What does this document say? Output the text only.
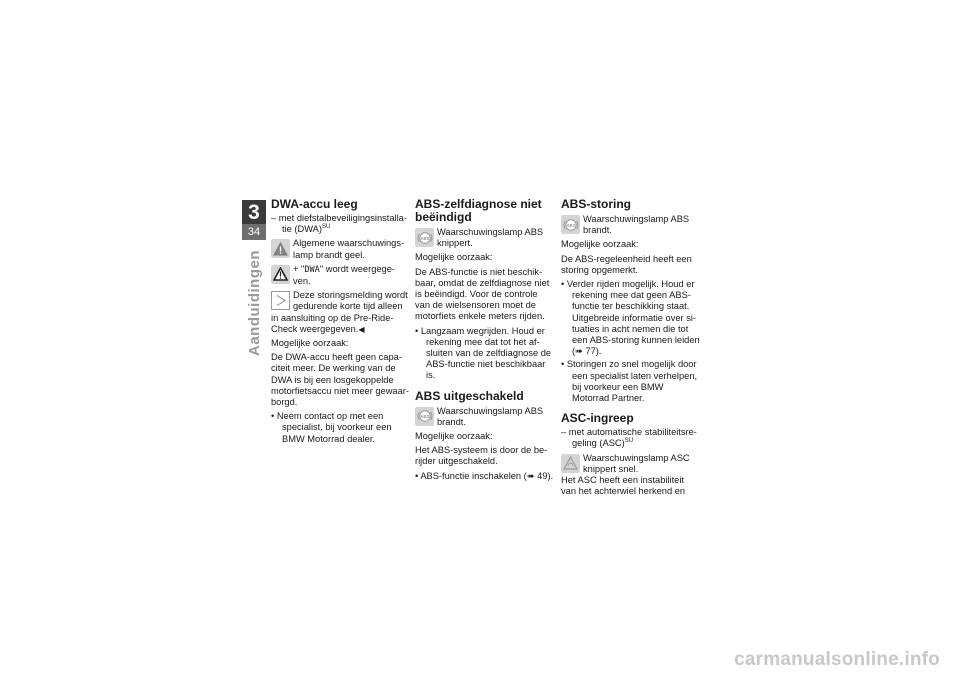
3
34
Aanduidingen
DWA-accu leeg
– met diefstalbeveiligingsinstalla-tie (DWA)$^{SU}$
Algemene waarschuwings-lamp brandt geel.
+ "DWA" wordt weergege-ven.
Deze storingsmelding wordt gedurende korte tijd alleen

in aansluiting op de Pre-Ride-Check weergegeven.◀

Mogelijke oorzaak:

De DWA-accu heeft geen capa-citeit meer. De werking van de DWA is bij een losgekoppelde motorfietsaccu niet meer gewaar-borgd.

• Neem contact op met een specialist, bij voorkeur een BMW Motorrad dealer.

ABS-zelfdiagnose niet beëindigd
ABS
Waarschuwingslamp ABS knippert.

Mogelijke oorzaak:

De ABS-functie is niet beschik-baar, omdat de zelfdiagnose niet is beëindigd. Voor de controle van de wielsensoren moet de motorfiets enkele meters rijden.

• Langzaam wegrijden. Houd er rekening mee dat tot het af-sluiten van de zelfdiagnose de ABS-functie niet beschikbaar is.

ABS uitgeschakeld
ABS
Waarschuwingslamp ABS brandt.

Mogelijke oorzaak:

Het ABS-systeem is door de be-rijder uitgeschakeld.

• ABS-functie inschakelen (➠ 49).

ABS-storing
ABS
Waarschuwingslamp ABS brandt.

Mogelijke oorzaak:

De ABS-regeleenheid heeft een storing opgemerkt.

• Verder rijden mogelijk. Houd er rekening mee dat geen ABS-functie ter beschikking staat. Uitgebreide informatie over si-tuaties in acht nemen die tot een ABS-storing kunnen leiden (➠ 77).

• Storingen zo snel mogelijk door een specialist laten verhelpen, bij voorkeur een BMW Motorrad Partner.

ASC-ingreep
– met automatische stabiliteitsre-geling (ASC)$^{SU}$
Waarschuwingslamp ASC knippert snel.

Het ASC heeft een instabiliteit van het achterwiel herkend en

carmanualsonline.info
